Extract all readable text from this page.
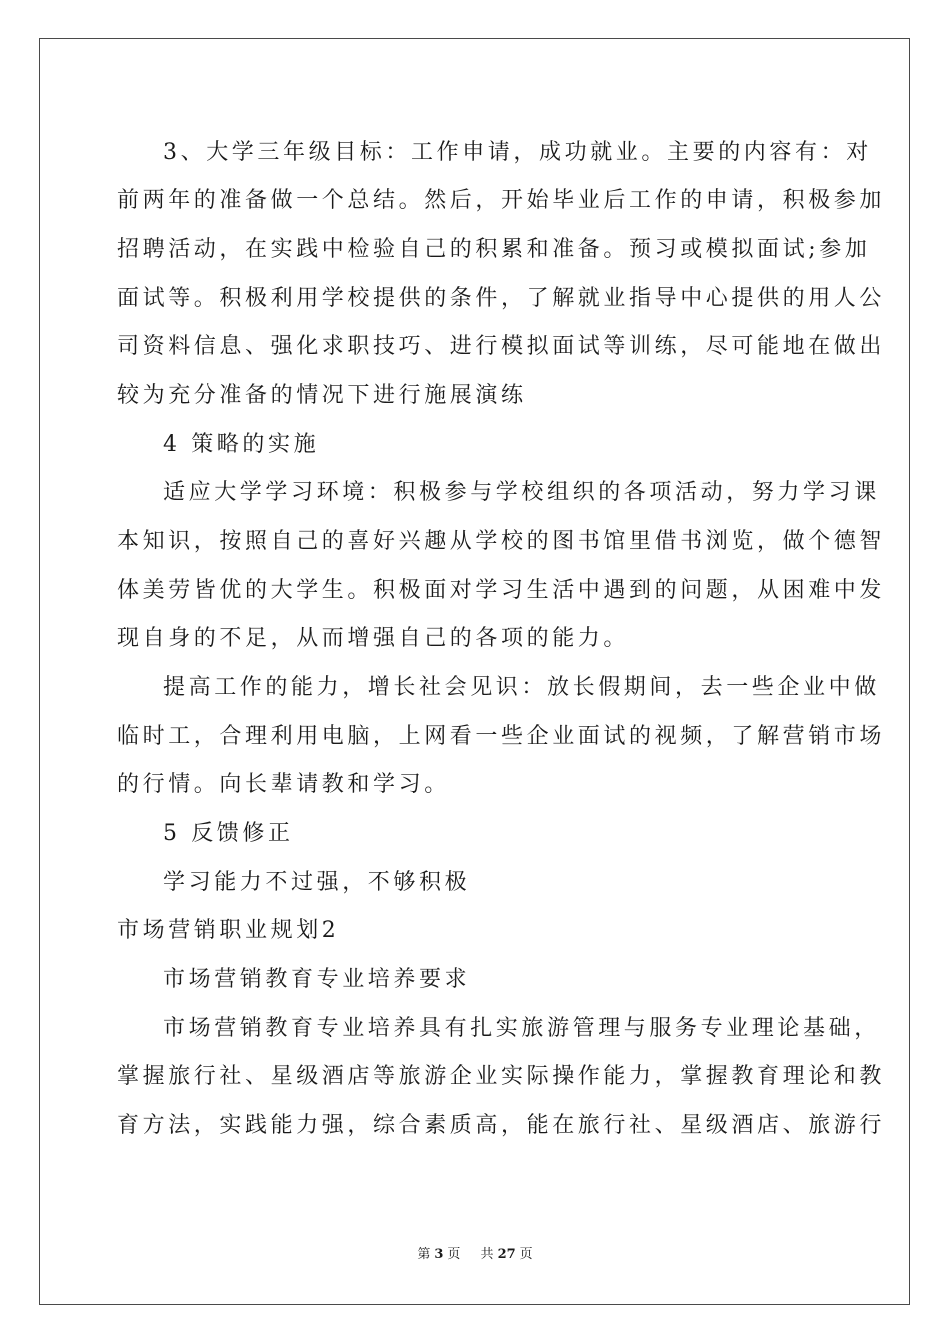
3、大学三年级目标：工作申请，成功就业。主要的内容有：对
前两年的准备做一个总结。然后，开始毕业后工作的申请，积极参加
招聘活动，在实践中检验自己的积累和准备。预习或模拟面试;参加
面试等。积极利用学校提供的条件，了解就业指导中心提供的用人公
司资料信息、强化求职技巧、进行模拟面试等训练，尽可能地在做出
较为充分准备的情况下进行施展演练
4 策略的实施
适应大学学习环境：积极参与学校组织的各项活动，努力学习课
本知识，按照自己的喜好兴趣从学校的图书馆里借书浏览，做个德智
体美劳皆优的大学生。积极面对学习生活中遇到的问题，从困难中发
现自身的不足，从而增强自己的各项的能力。
提高工作的能力，增长社会见识：放长假期间，去一些企业中做
临时工，合理利用电脑，上网看一些企业面试的视频，了解营销市场
的行情。向长辈请教和学习。
5 反馈修正
学习能力不过强，不够积极
市场营销职业规划2
市场营销教育专业培养要求
市场营销教育专业培养具有扎实旅游管理与服务专业理论基础，
掌握旅行社、星级酒店等旅游企业实际操作能力，掌握教育理论和教
育方法，实践能力强，综合素质高，能在旅行社、星级酒店、旅游行
第 3 页 共 27 页
